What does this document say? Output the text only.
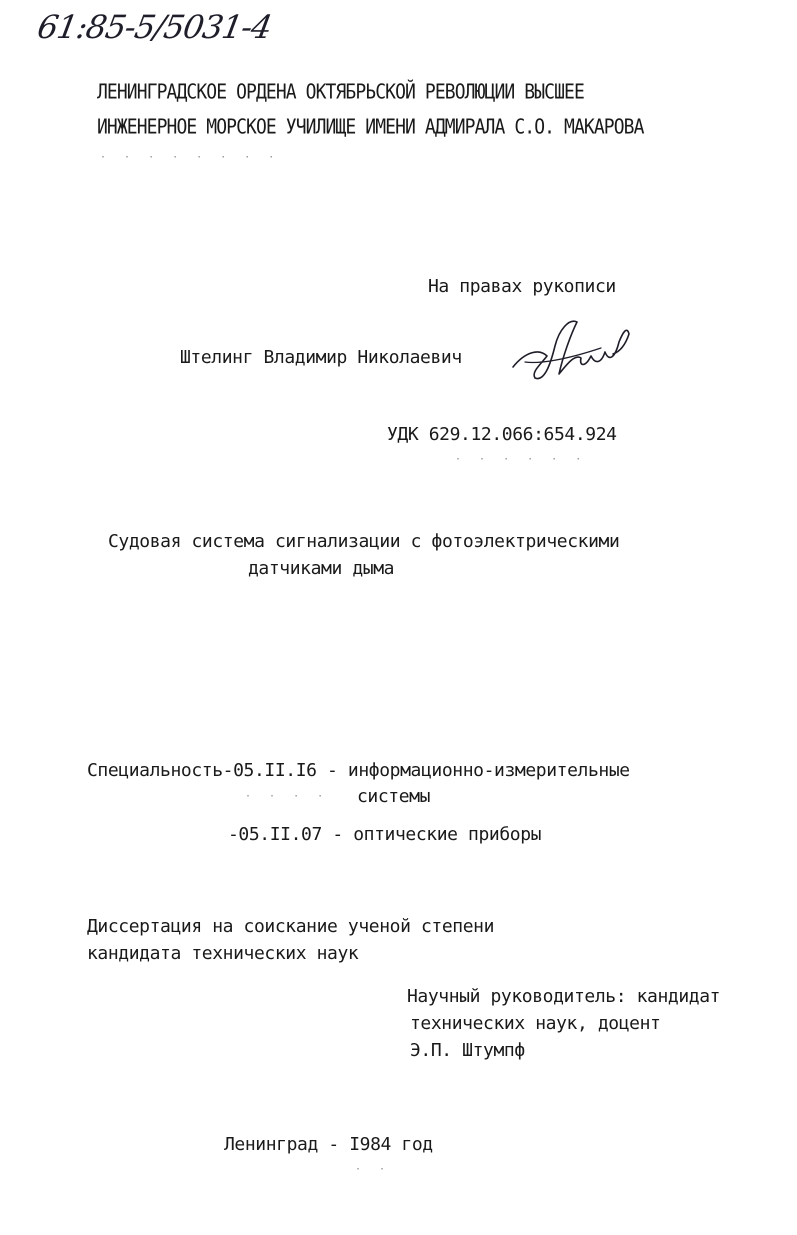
61:85-5/5031-4
ЛЕНИНГРАДСКОЕ ОРДЕНА ОКТЯБРЬСКОЙ РЕВОЛЮЦИИ ВЫСШЕЕ
ИНЖЕНЕРНОЕ МОРСКОЕ УЧИЛИЩЕ ИМЕНИ АДМИРАЛА С.О. МАКАРОВА
· · · · · · · ·
На правах рукописи
Штелинг Владимир Николаевич
УДК 629.12.066:654.924
· · · · · ·
Судовая система сигнализации с фотоэлектрическими
датчиками дыма
Специальность-05.II.I6 - информационно-измерительные
· · · · системы
-05.II.07 - оптические приборы
Диссертация на соискание ученой степени
кандидата технических наук
Научный руководитель: кандидат
технических наук, доцент
Э.П. Штумпф
Ленинград - I984 год
· ·
